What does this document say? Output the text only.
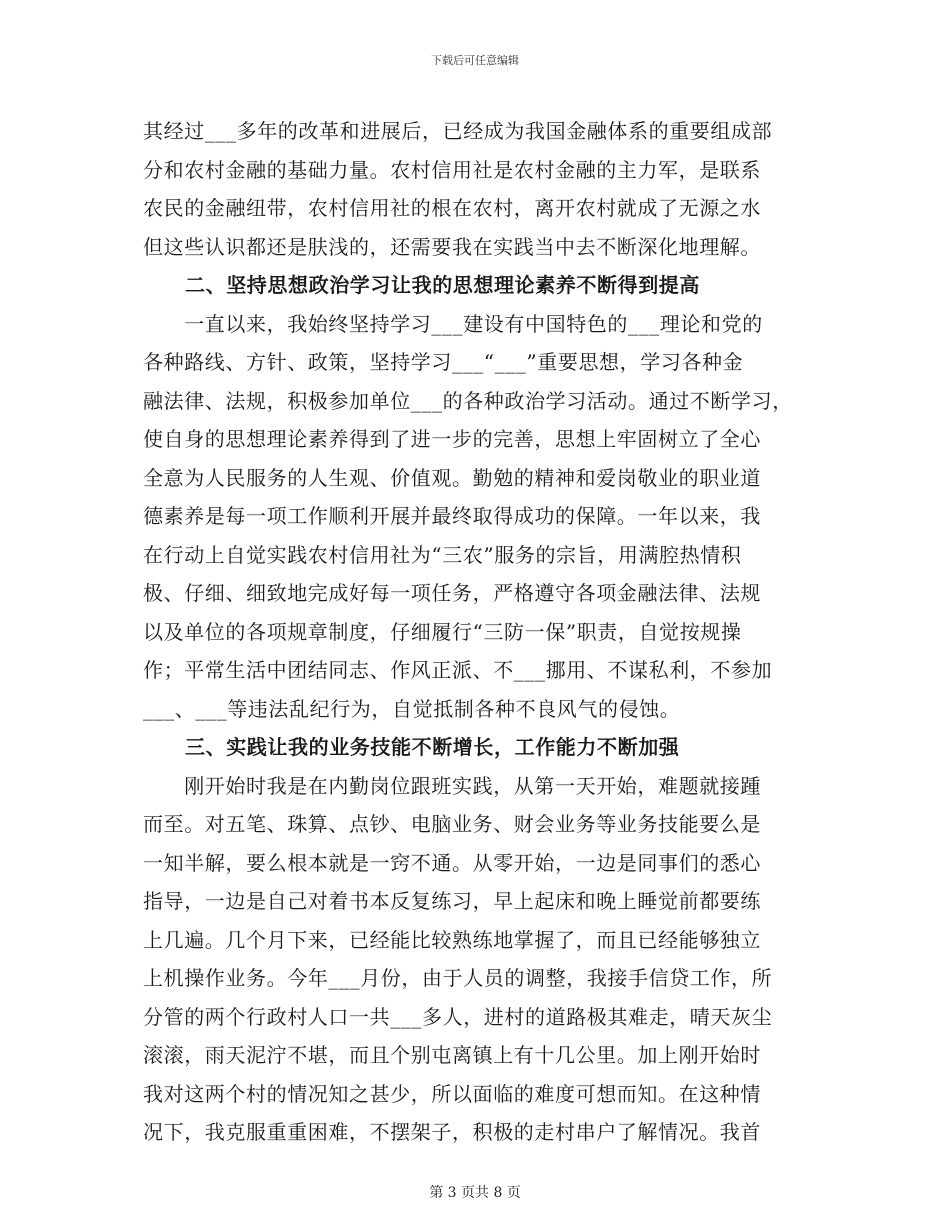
下载后可任意编辑
其经过___多年的改革和进展后，已经成为我国金融体系的重要组成部
分和农村金融的基础力量。农村信用社是农村金融的主力军，是联系
农民的金融纽带，农村信用社的根在农村，离开农村就成了无源之水
但这些认识都还是肤浅的，还需要我在实践当中去不断深化地理解。
二、坚持思想政治学习让我的思想理论素养不断得到提高
　　一直以来，我始终坚持学习___建设有中国特色的___理论和党的
各种路线、方针、政策，坚持学习___“___”重要思想，学习各种金
融法律、法规，积极参加单位___的各种政治学习活动。通过不断学习，
使自身的思想理论素养得到了进一步的完善，思想上牢固树立了全心
全意为人民服务的人生观、价值观。勤勉的精神和爱岗敬业的职业道
德素养是每一项工作顺利开展并最终取得成功的保障。一年以来，我
在行动上自觉实践农村信用社为“三农”服务的宗旨，用满腔热情积
极、仔细、细致地完成好每一项任务，严格遵守各项金融法律、法规
以及单位的各项规章制度，仔细履行“三防一保”职责，自觉按规操
作；平常生活中团结同志、作风正派、不___挪用、不谋私利，不参加
___、___等违法乱纪行为，自觉抵制各种不良风气的侵蚀。
三、实践让我的业务技能不断增长，工作能力不断加强
　　刚开始时我是在内勤岗位跟班实践，从第一天开始，难题就接踵
而至。对五笔、珠算、点钞、电脑业务、财会业务等业务技能要么是
一知半解，要么根本就是一窍不通。从零开始，一边是同事们的悉心
指导，一边是自己对着书本反复练习，早上起床和晚上睡觉前都要练
上几遍。几个月下来，已经能比较熟练地掌握了，而且已经能够独立
上机操作业务。今年___月份，由于人员的调整，我接手信贷工作，所
分管的两个行政村人口一共___多人，进村的道路极其难走，晴天灰尘
滚滚，雨天泥泞不堪，而且个别屯离镇上有十几公里。加上刚开始时
我对这两个村的情况知之甚少，所以面临的难度可想而知。在这种情
况下，我克服重重困难，不摆架子，积极的走村串户了解情况。我首
第 3 页共 8 页
